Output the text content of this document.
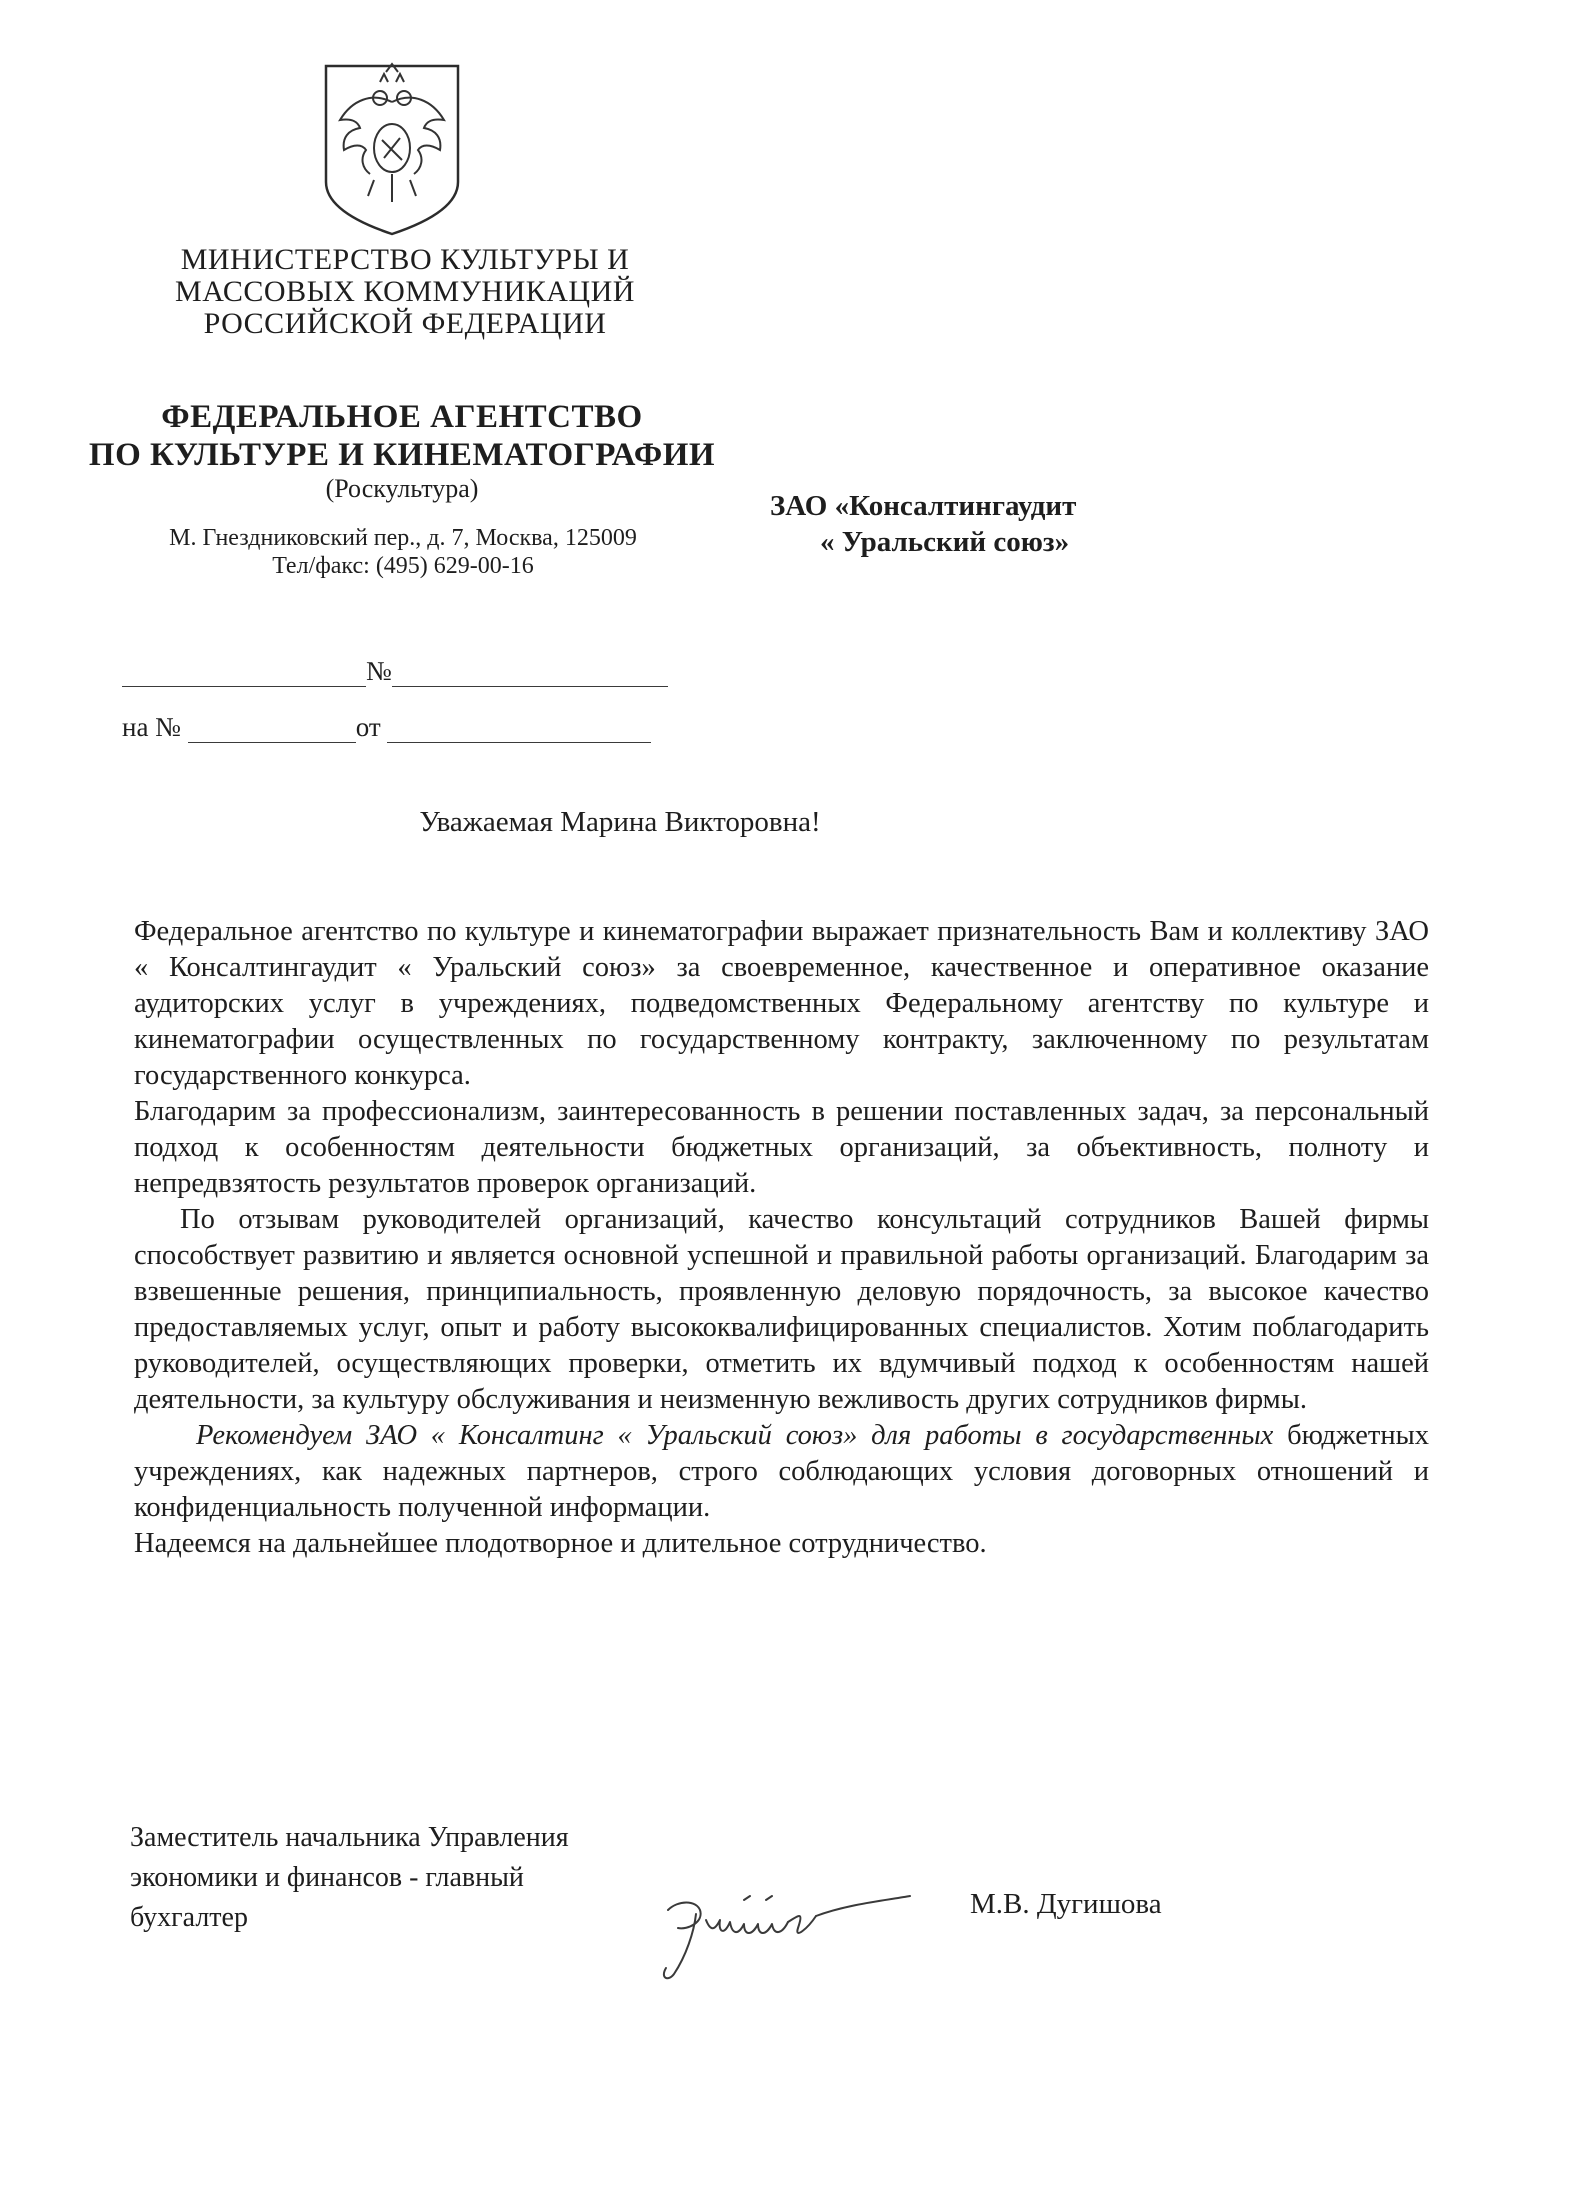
МИНИСТЕРСТВО КУЛЬТУРЫ И
МАССОВЫХ КОММУНИКАЦИЙ
РОССИЙСКОЙ ФЕДЕРАЦИИ
ФЕДЕРАЛЬНОЕ АГЕНТСТВО
ПО КУЛЬТУРЕ И КИНЕМАТОГРАФИИ
(Роскультура)
М. Гнездниковский пер., д. 7, Москва, 125009
Тел/факс: (495) 629-00-16
ЗАО «Консалтингаудит
« Уральский союз»
№
на №	от
Уважаемая Марина Викторовна!

Федеральное агентство по культуре и кинематографии выражает признательность Вам и коллективу ЗАО « Консалтингаудит « Уральский союз» за своевременное, качественное и оперативное оказание аудиторских услуг в учреждениях, подведомственных Федеральному агентству по культуре и кинематографии осуществленных по государственному контракту, заключенному по результатам государственного конкурса.

Благодарим за профессионализм, заинтересованность в решении поставленных задач, за персональный подход к особенностям деятельности бюджетных организаций, за объективность, полноту и непредвзятость результатов проверок организаций.

По отзывам руководителей организаций, качество консультаций сотрудников Вашей фирмы способствует развитию и является основной успешной и правильной работы организаций. Благодарим за взвешенные решения, принципиальность, проявленную деловую порядочность, за высокое качество предоставляемых услуг, опыт и работу высококвалифицированных специалистов. Хотим поблагодарить руководителей, осуществляющих проверки, отметить их вдумчивый подход к особенностям нашей деятельности, за культуру обслуживания и неизменную вежливость других сотрудников фирмы.

Рекомендуем ЗАО « Консалтинг « Уральский союз» для работы в государственных бюджетных учреждениях, как надежных партнеров, строго соблюдающих условия договорных отношений и конфиденциальность полученной информации.

Надеемся на дальнейшее плодотворное и длительное сотрудничество.

Заместитель начальника Управления
экономики и финансов - главный
бухгалтер	М.В. Дугишова
